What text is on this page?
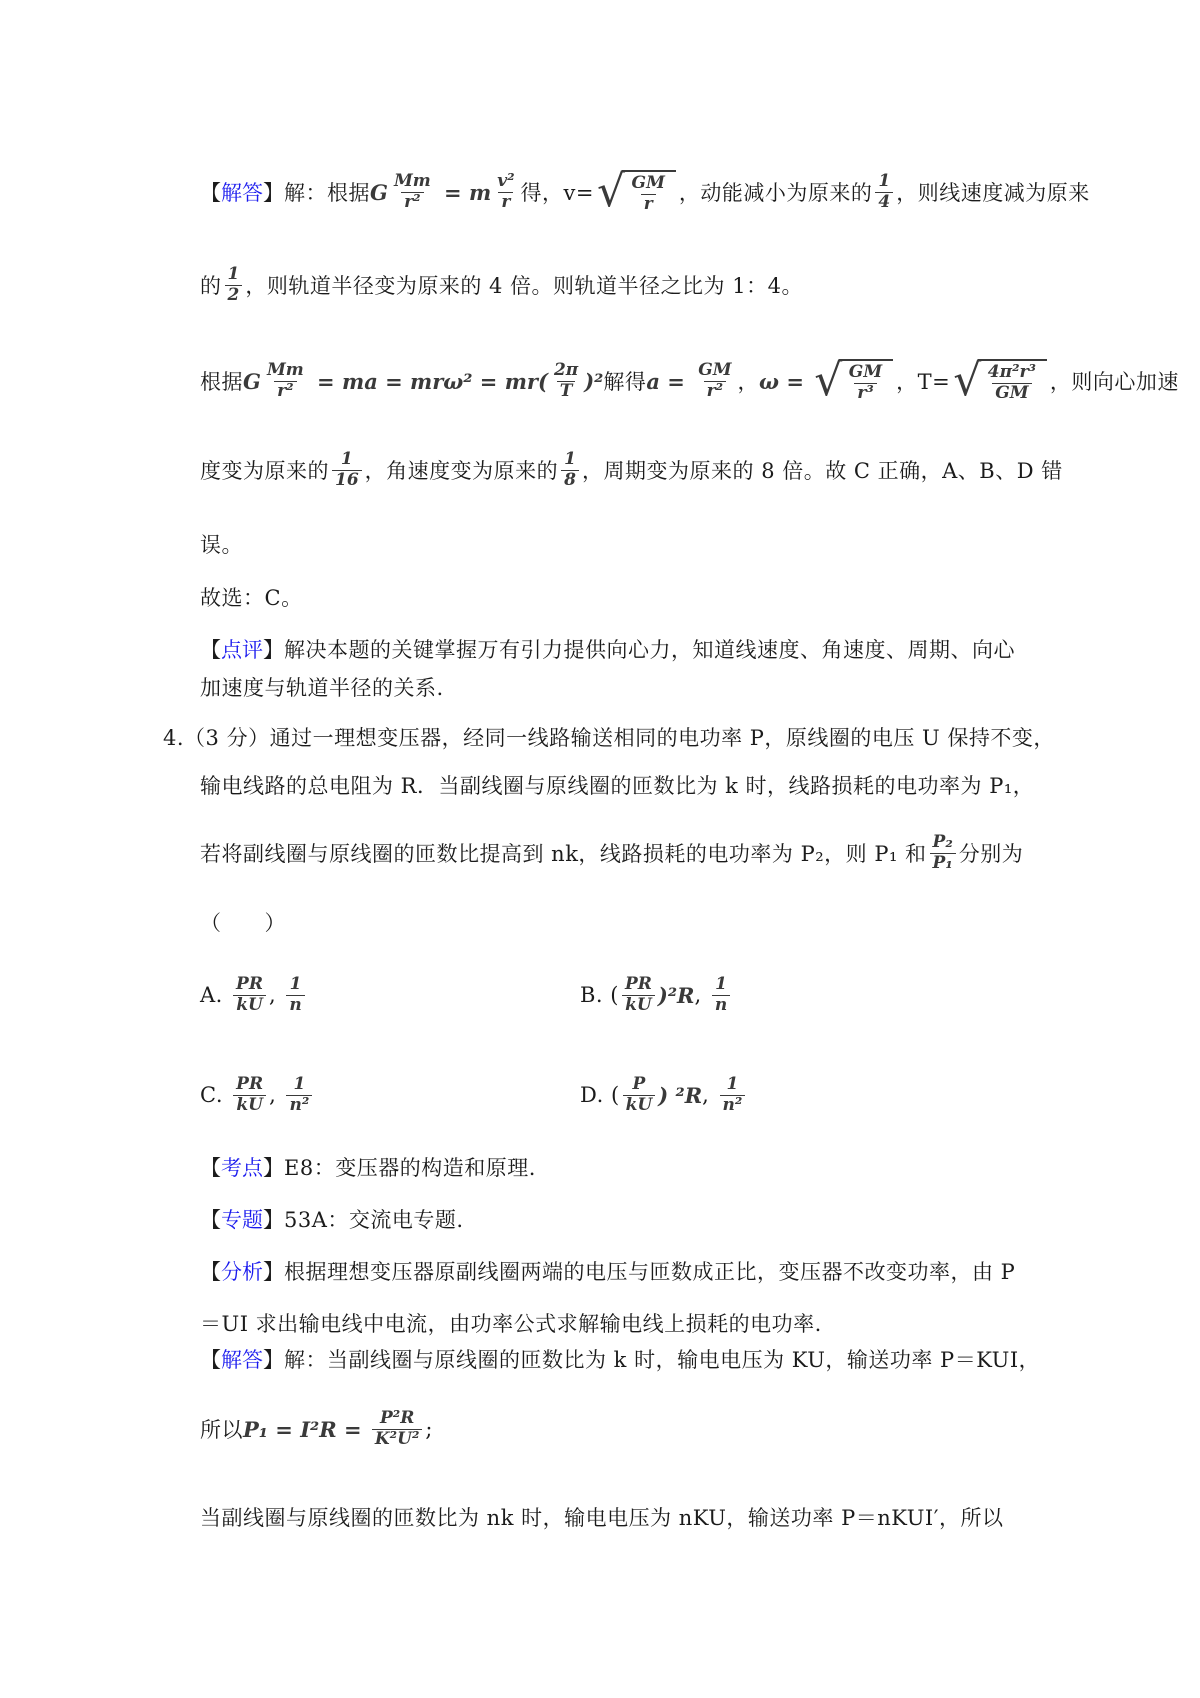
【解答】 解：根据 G $\frac{Mm}{\text{r²}} = m \frac{\text{v²}}{r}$ 得，v= √ $\frac{GM}{r}$ ，动能减小为原来的 $\frac{1}{4}$ ，则线速度减为原来
的 $\frac{1}{2}$ ，则轨道半径变为原来的 4 倍。则轨道半径之比为 1：4。
根据 G $\frac{Mm}{\text{r²}}$ = ma = $mr\omega^2 = mr( \frac{2\pi}{T} )^2$ 解得 $a = \frac{GM}{\text{r²}}$ ， ω = √ $\frac{GM}{\text{r³}}$ ，T= √ $\frac{\text{4π²r³}}{GM}$ ，则向心加速
度变为原来的 $\frac{1}{16}$ ，角速度变为原来的 $\frac{1}{8}$ ，周期变为原来的 8 倍。故 C 正确，A、B、D 错
误。
故选：C。
【点评】 解决本题的关键掌握万有引力提供向心力，知道线速度、角速度、周期、向心
加速度与轨道半径的关系.
4.（3 分）通过一理想变压器，经同一线路输送相同的电功率 P，原线圈的电压 U 保持不变，
输电线路的总电阻为 R．当副线圈与原线圈的匝数比为 k 时，线路损耗的电功率为 P₁，
若将副线圈与原线圈的匝数比提高到 nk，线路损耗的电功率为 P₂，则 P₁ 和 $\frac{\text{P₂}}{\text{P₁}}$ 分别为
（　　）
A. $\frac{PR}{kU}$ , $\frac{1}{n}$	B. ( $\frac{PR}{kU} )^2R$ , $\frac{1}{n}$
C. $\frac{PR}{kU}$ , $\frac{1}{\text{n²}}$	D. ( $\frac{P}{kU}$ ) ²R , $\frac{1}{\text{n²}}$
【考点】 E8：变压器的构造和原理.
【专题】 53A：交流电专题.
【分析】 根据理想变压器原副线圈两端的电压与匝数成正比，变压器不改变功率，由 P
＝UI 求出输电线中电流，由功率公式求解输电线上损耗的电功率.
【解答】 解：当副线圈与原线圈的匝数比为 k 时，输电电压为 KU，输送功率 P＝KUI，
所以 $P_1 = I^2R = \frac{\text{P²R}}{\text{K²U²}}$ ;
当副线圈与原线圈的匝数比为 nk 时，输电电压为 nKU，输送功率 P＝nKUI′，所以
